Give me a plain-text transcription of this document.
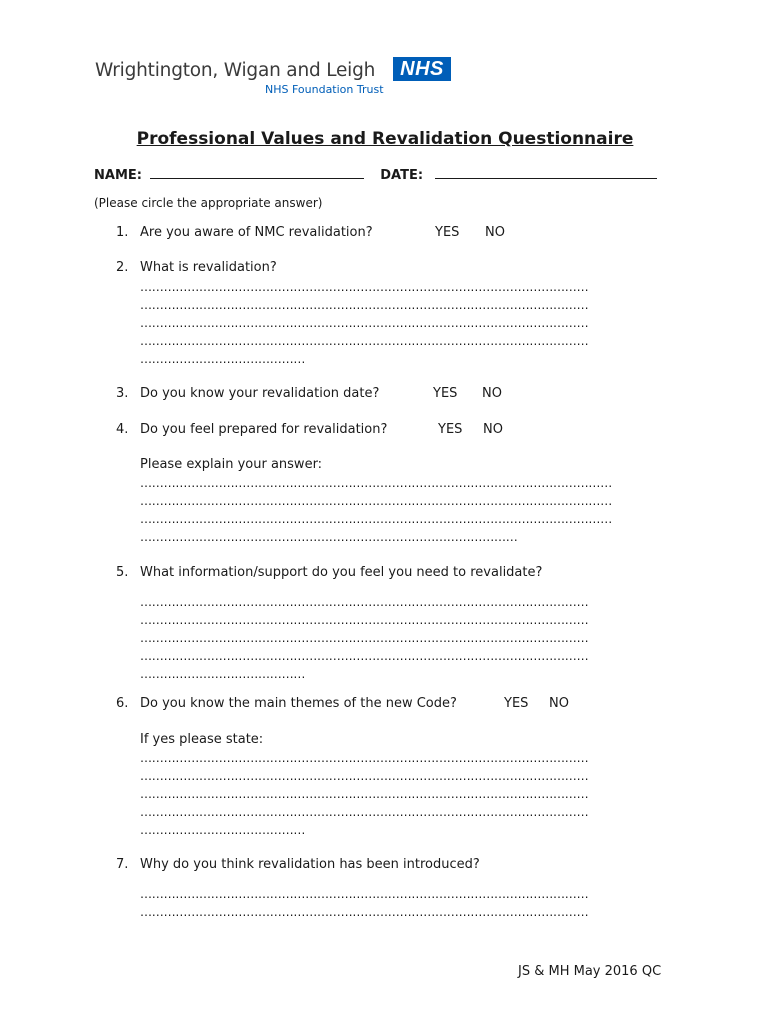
Wrightington, Wigan and Leigh	NHS
NHS Foundation Trust
Professional Values and Revalidation Questionnaire
NAME:	DATE:
(Please circle the appropriate answer)
1. Are you aware of NMC revalidation?	YES NO
2. What is revalidation?
……………………………………………………………………………………………………
……………………………………………………………………………………………………
……………………………………………………………………………………………………
……………………………………………………………………………………………………
……………………………………
3. Do you know your revalidation date?	YES NO
4. Do you feel prepared for revalidation?	YES NO
Please explain your answer:
…………………………………………………………………………………………………………
…………………………………………………………………………………………………………
…………………………………………………………………………………………………………
……………………………………………………………………………………
5. What information/support do you feel you need to revalidate?
……………………………………………………………………………………………………
……………………………………………………………………………………………………
……………………………………………………………………………………………………
……………………………………………………………………………………………………
……………………………………
6. Do you know the main themes of the new Code?	YES NO
If yes please state:
……………………………………………………………………………………………………
……………………………………………………………………………………………………
……………………………………………………………………………………………………
……………………………………………………………………………………………………
……………………………………
7. Why do you think revalidation has been introduced?
……………………………………………………………………………………………………
……………………………………………………………………………………………………
JS & MH May 2016 QC
